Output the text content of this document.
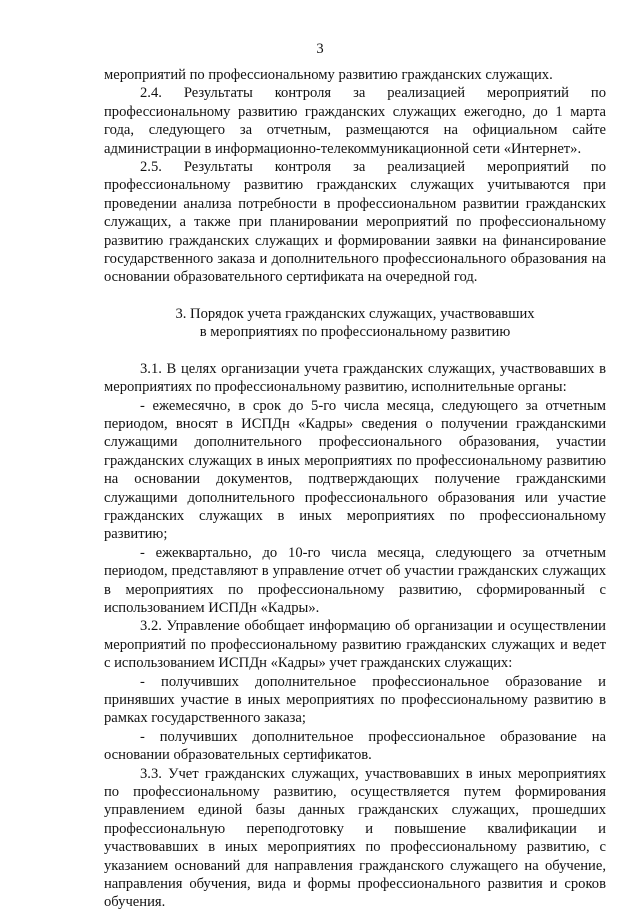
3

мероприятий по профессиональному развитию гражданских служащих.

2.4. Результаты контроля за реализацией мероприятий по профессиональному развитию гражданских служащих ежегодно, до 1 марта года, следующего за отчетным, размещаются на официальном сайте администрации в информационно-телекоммуникационной сети «Интернет».

2.5. Результаты контроля за реализацией мероприятий по профессиональному развитию гражданских служащих учитываются при проведении анализа потребности в профессиональном развитии гражданских служащих, а также при планировании мероприятий по профессиональному развитию гражданских служащих и формировании заявки на финансирование государственного заказа и дополнительного профессионального образования на основании образовательного сертификата на очередной год.

3. Порядок учета гражданских служащих, участвовавших
в мероприятиях по профессиональному развитию

3.1. В целях организации учета гражданских служащих, участвовавших в мероприятиях по профессиональному развитию, исполнительные органы:

- ежемесячно, в срок до 5-го числа месяца, следующего за отчетным периодом, вносят в ИСПДн «Кадры» сведения о получении гражданскими служащими дополнительного профессионального образования, участии гражданских служащих в иных мероприятиях по профессиональному развитию на основании документов, подтверждающих получение гражданскими служащими дополнительного профессионального образования или участие гражданских служащих в иных мероприятиях по профессиональному развитию;

- ежеквартально, до 10-го числа месяца, следующего за отчетным периодом, представляют в управление отчет об участии гражданских служащих в мероприятиях по профессиональному развитию, сформированный с использованием ИСПДн «Кадры».

3.2. Управление обобщает информацию об организации и осуществлении мероприятий по профессиональному развитию гражданских служащих и ведет с использованием ИСПДн «Кадры» учет гражданских служащих:

- получивших дополнительное профессиональное образование и принявших участие в иных мероприятиях по профессиональному развитию в рамках государственного заказа;

- получивших дополнительное профессиональное образование на основании образовательных сертификатов.

3.3. Учет гражданских служащих, участвовавших в иных мероприятиях по профессиональному развитию, осуществляется путем формирования управлением единой базы данных гражданских служащих, прошедших профессиональную переподготовку и повышение квалификации и участвовавших в иных мероприятиях по профессиональному развитию, с указанием оснований для направления гражданского служащего на обучение, направления обучения, вида и формы профессионального развития и сроков обучения.
